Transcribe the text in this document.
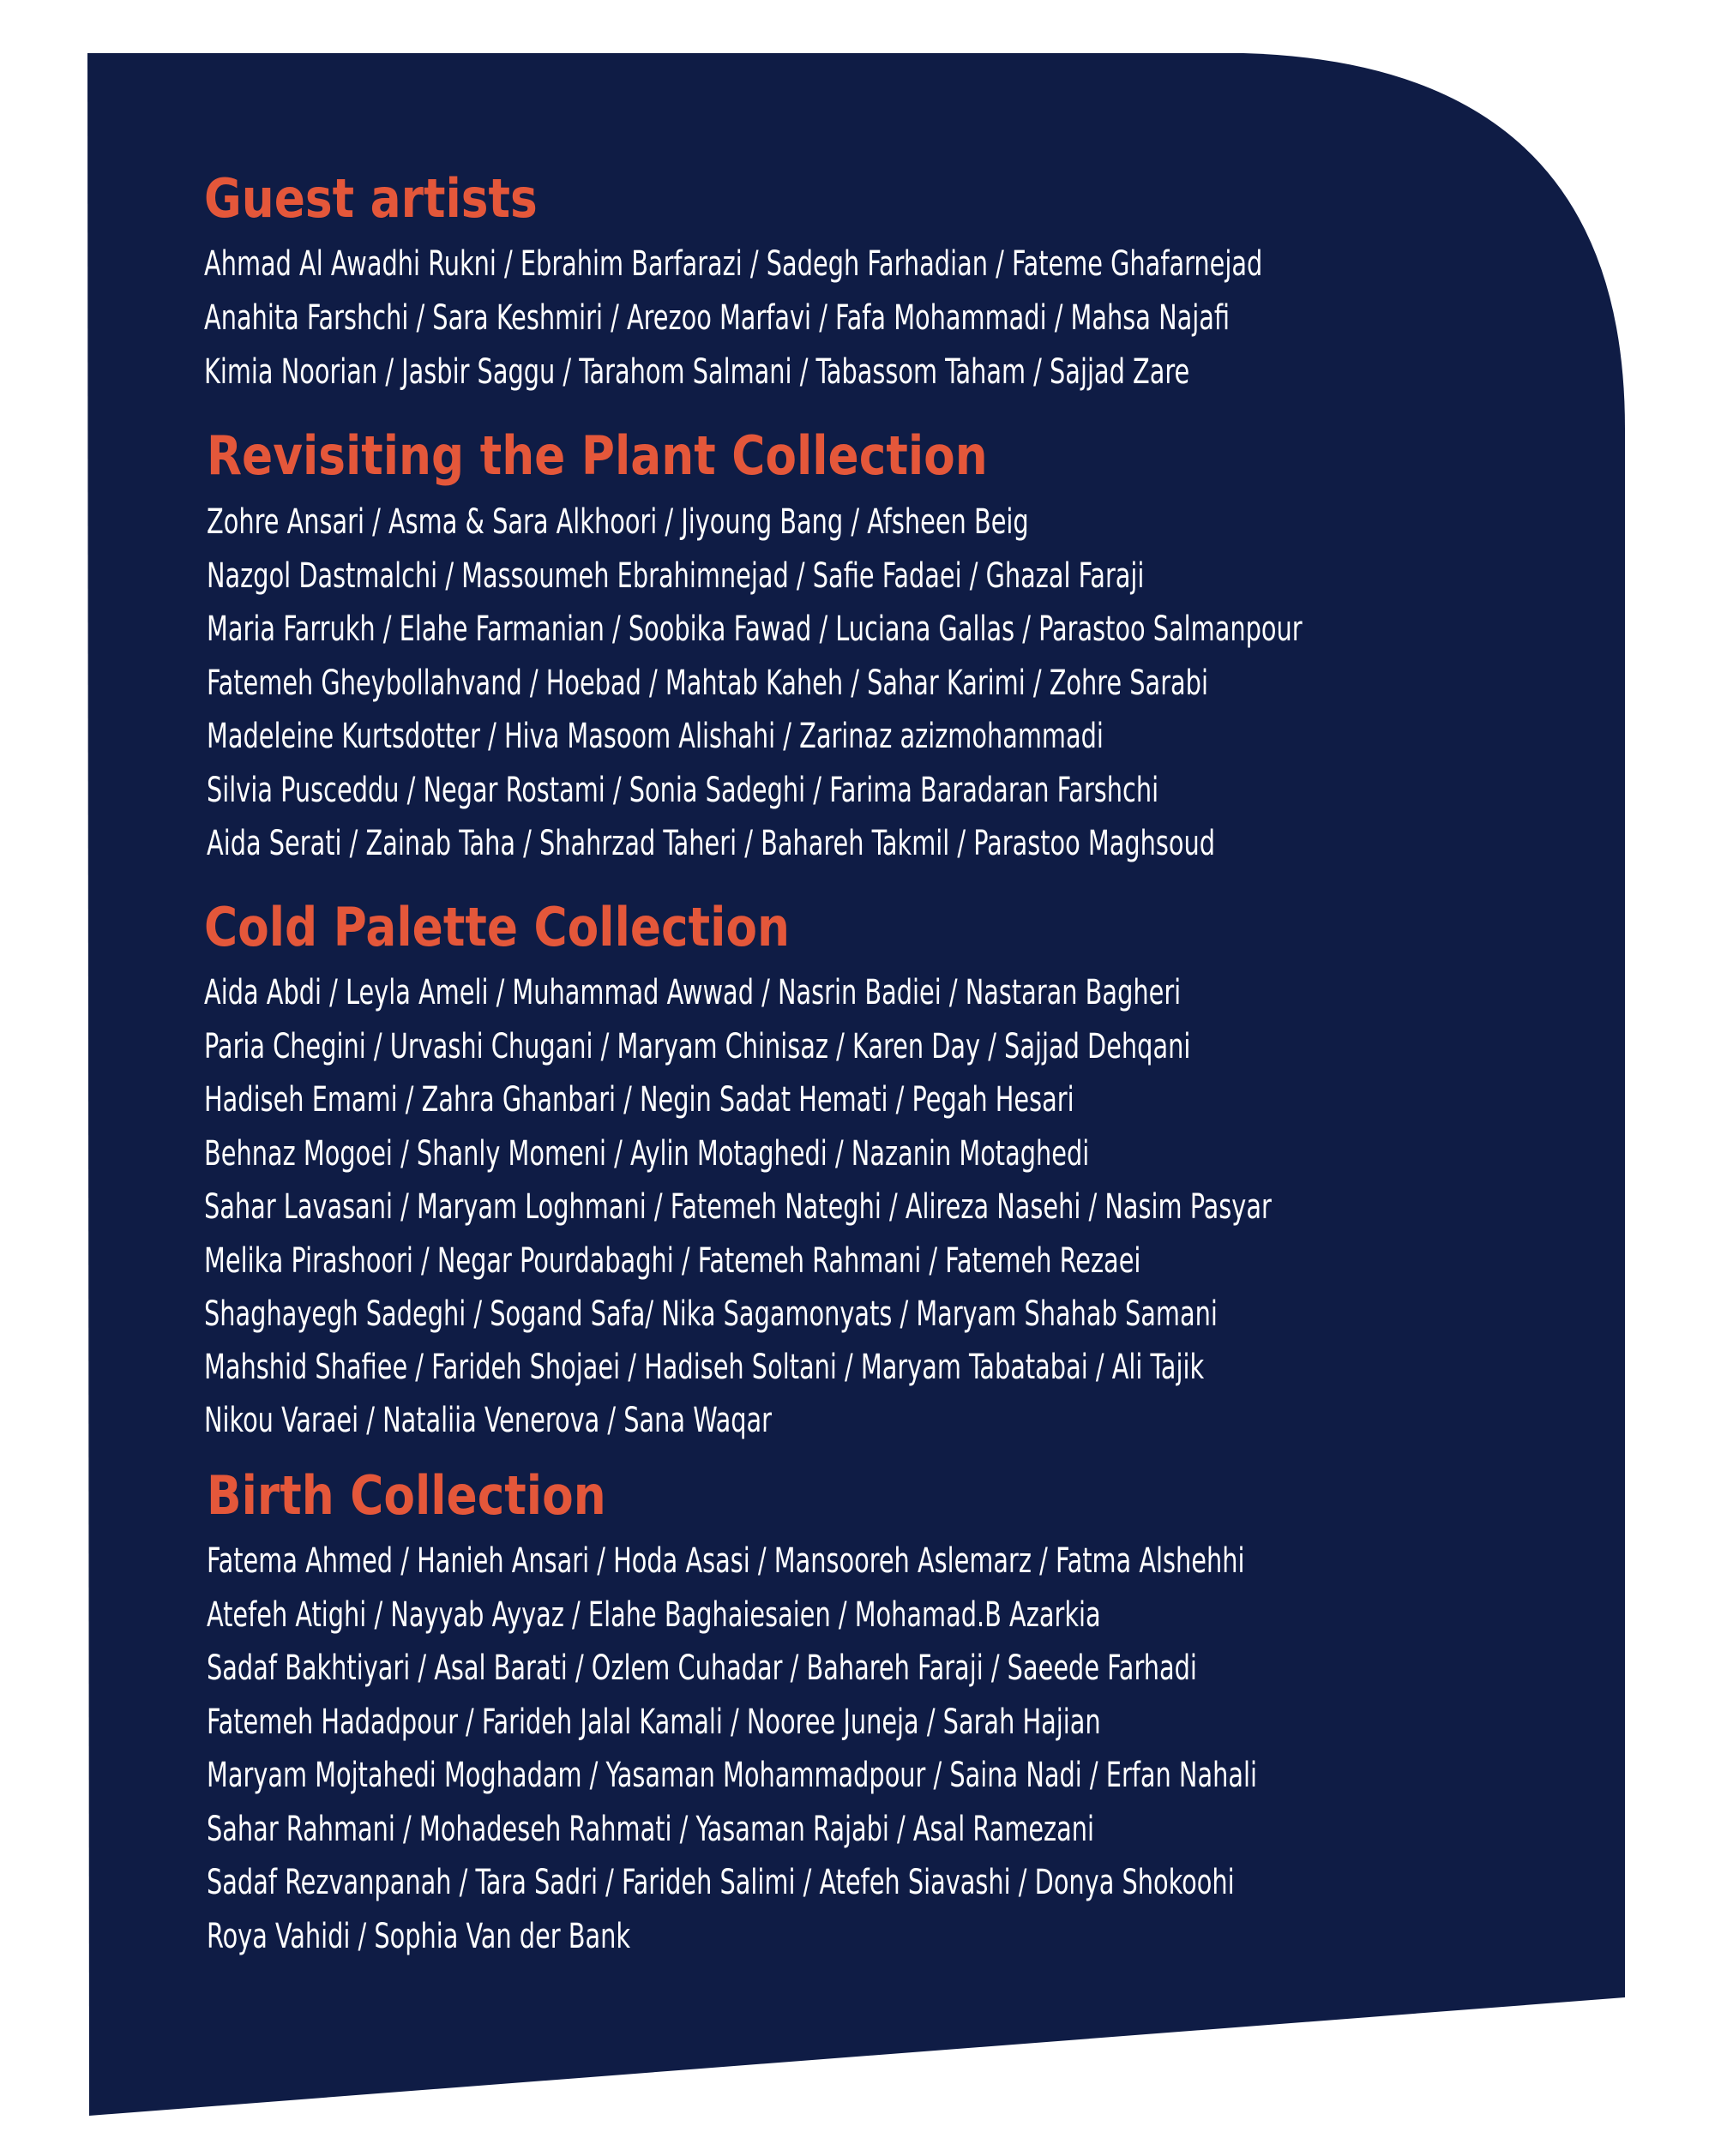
Guest artists

Ahmad Al Awadhi Rukni / Ebrahim Barfarazi / Sadegh Farhadian / Fateme Ghafarnejad

Anahita Farshchi / Sara Keshmiri / Arezoo Marfavi / Fafa Mohammadi / Mahsa Najafi

Kimia Noorian / Jasbir Saggu / Tarahom Salmani / Tabassom Taham / Sajjad Zare

Revisiting the Plant Collection

Zohre Ansari / Asma & Sara Alkhoori / Jiyoung Bang / Afsheen Beig

Nazgol Dastmalchi / Massoumeh Ebrahimnejad / Safie Fadaei / Ghazal Faraji

Maria Farrukh / Elahe Farmanian / Soobika Fawad / Luciana Gallas / Parastoo Salmanpour

Fatemeh Gheybollahvand / Hoebad / Mahtab Kaheh / Sahar Karimi / Zohre Sarabi

Madeleine Kurtsdotter / Hiva Masoom Alishahi / Zarinaz azizmohammadi

Silvia Pusceddu / Negar Rostami / Sonia Sadeghi / Farima Baradaran Farshchi

Aida Serati / Zainab Taha / Shahrzad Taheri / Bahareh Takmil / Parastoo Maghsoud

Cold Palette Collection

Aida Abdi / Leyla Ameli / Muhammad Awwad / Nasrin Badiei / Nastaran Bagheri

Paria Chegini / Urvashi Chugani / Maryam Chinisaz / Karen Day / Sajjad Dehqani

Hadiseh Emami / Zahra Ghanbari / Negin Sadat Hemati / Pegah Hesari

Behnaz Mogoei / Shanly Momeni / Aylin Motaghedi / Nazanin Motaghedi

Sahar Lavasani / Maryam Loghmani / Fatemeh Nateghi / Alireza Nasehi / Nasim Pasyar

Melika Pirashoori / Negar Pourdabaghi / Fatemeh Rahmani / Fatemeh Rezaei

Shaghayegh Sadeghi / Sogand Safa/ Nika Sagamonyats / Maryam Shahab Samani

Mahshid Shafiee / Farideh Shojaei / Hadiseh Soltani / Maryam Tabatabai / Ali Tajik

Nikou Varaei / Nataliia Venerova / Sana Waqar

Birth Collection

Fatema Ahmed / Hanieh Ansari / Hoda Asasi / Mansooreh Aslemarz / Fatma Alshehhi

Atefeh Atighi / Nayyab Ayyaz / Elahe Baghaiesaien / Mohamad.B Azarkia

Sadaf Bakhtiyari / Asal Barati / Ozlem Cuhadar / Bahareh Faraji / Saeede Farhadi

Fatemeh Hadadpour / Farideh Jalal Kamali / Nooree Juneja / Sarah Hajian

Maryam Mojtahedi Moghadam / Yasaman Mohammadpour / Saina Nadi / Erfan Nahali

Sahar Rahmani / Mohadeseh Rahmati / Yasaman Rajabi / Asal Ramezani

Sadaf Rezvanpanah / Tara Sadri / Farideh Salimi / Atefeh Siavashi / Donya Shokoohi

Roya Vahidi / Sophia Van der Bank
